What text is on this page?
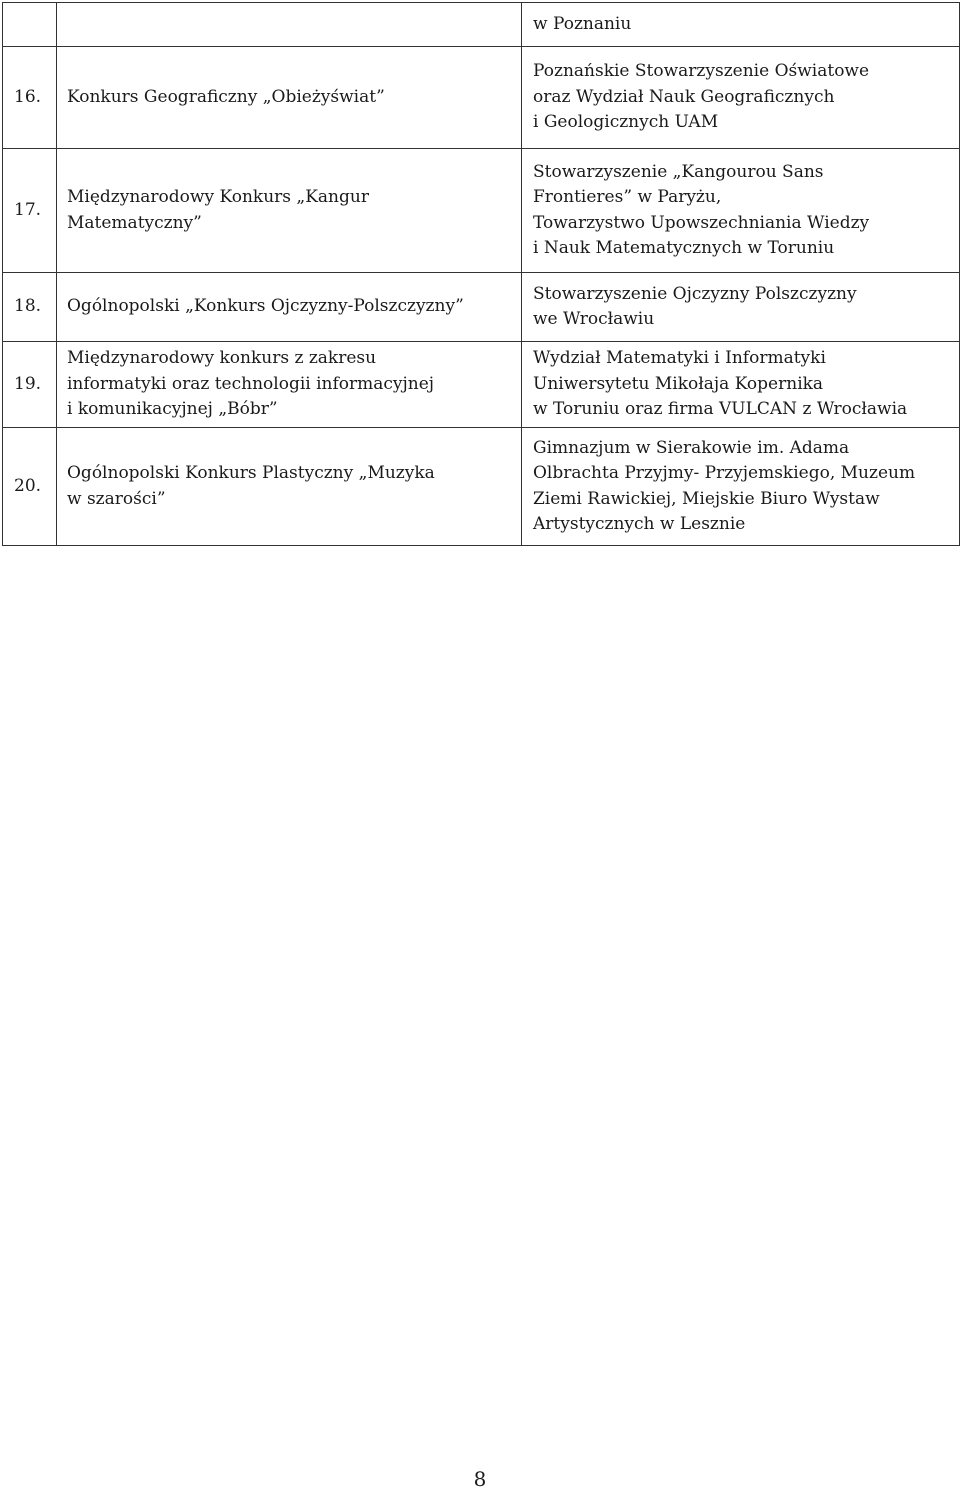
		w Poznaniu

16.	Konkurs Geograficzny „Obieżyświat”	Poznańskie Stowarzyszenie Oświatowe
oraz Wydział Nauk Geograficznych
i Geologicznych UAM

17.	Międzynarodowy Konkurs „Kangur
Matematyczny”	Stowarzyszenie „Kangourou Sans
Frontieres” w Paryżu,
Towarzystwo Upowszechniania Wiedzy
i Nauk Matematycznych w Toruniu

18.	Ogólnopolski „Konkurs Ojczyzny-Polszczyzny”	Stowarzyszenie Ojczyzny Polszczyzny
we Wrocławiu

19.	Międzynarodowy konkurs z zakresu
informatyki oraz technologii informacyjnej
i komunikacyjnej „Bóbr”	Wydział Matematyki i Informatyki
Uniwersytetu Mikołaja Kopernika
w Toruniu oraz firma VULCAN z Wrocławia

20.	Ogólnopolski Konkurs Plastyczny „Muzyka
w szarości”	Gimnazjum w Sierakowie im. Adama
Olbrachta Przyjmy- Przyjemskiego, Muzeum
Ziemi Rawickiej, Miejskie Biuro Wystaw
Artystycznych w Lesznie
8
